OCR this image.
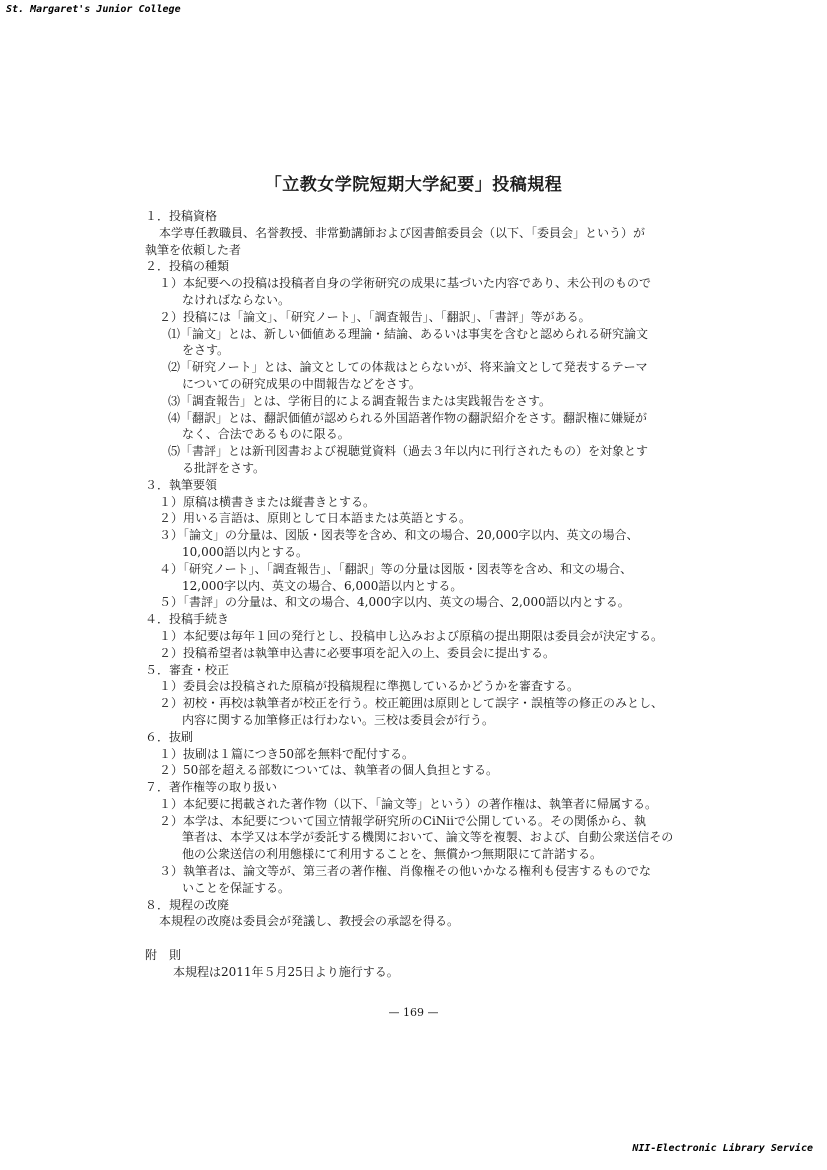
St. Margaret's Junior College
「立教女学院短期大学紀要」投稿規程
１．投稿資格
本学専任教職員、名誉教授、非常勤講師および図書館委員会（以下、「委員会」という）が
執筆を依頼した者
２．投稿の種類
１）本紀要への投稿は投稿者自身の学術研究の成果に基づいた内容であり、未公刊のもので
なければならない。
２）投稿には「論文」、「研究ノート」、「調査報告」、「翻訳」、「書評」等がある。
⑴「論文」とは、新しい価値ある理論・結論、あるいは事実を含むと認められる研究論文
をさす。
⑵「研究ノート」とは、論文としての体裁はとらないが、将来論文として発表するテーマ
についての研究成果の中間報告などをさす。
⑶「調査報告」とは、学術目的による調査報告または実践報告をさす。
⑷「翻訳」とは、翻訳価値が認められる外国語著作物の翻訳紹介をさす。翻訳権に嫌疑が
なく、合法であるものに限る。
⑸「書評」とは新刊図書および視聴覚資料（過去３年以内に刊行されたもの）を対象とす
る批評をさす。
３．執筆要領
１）原稿は横書きまたは縦書きとする。
２）用いる言語は、原則として日本語または英語とする。
３）「論文」の分量は、図版・図表等を含め、和文の場合、20,000字以内、英文の場合、
10,000語以内とする。
４）「研究ノート」、「調査報告」、「翻訳」等の分量は図版・図表等を含め、和文の場合、
12,000字以内、英文の場合、6,000語以内とする。
５）「書評」の分量は、和文の場合、4,000字以内、英文の場合、2,000語以内とする。
４．投稿手続き
１）本紀要は毎年１回の発行とし、投稿申し込みおよび原稿の提出期限は委員会が決定する。
２）投稿希望者は執筆申込書に必要事項を記入の上、委員会に提出する。
５．審査・校正
１）委員会は投稿された原稿が投稿規程に準拠しているかどうかを審査する。
２）初校・再校は執筆者が校正を行う。校正範囲は原則として誤字・誤植等の修正のみとし、
内容に関する加筆修正は行わない。三校は委員会が行う。
６．抜刷
１）抜刷は１篇につき50部を無料で配付する。
２）50部を超える部数については、執筆者の個人負担とする。
７．著作権等の取り扱い
１）本紀要に掲載された著作物（以下、「論文等」という）の著作権は、執筆者に帰属する。
２）本学は、本紀要について国立情報学研究所のCiNiiで公開している。その関係から、執
筆者は、本学又は本学が委託する機関において、論文等を複製、および、自動公衆送信その
他の公衆送信の利用態様にて利用することを、無償かつ無期限にて許諾する。
３）執筆者は、論文等が、第三者の著作権、肖像権その他いかなる権利も侵害するものでな
いことを保証する。
８．規程の改廃
本規程の改廃は委員会が発議し、教授会の承認を得る。
附　則
本規程は2011年５月25日より施行する。
— 169 —
NII-Electronic Library Service
